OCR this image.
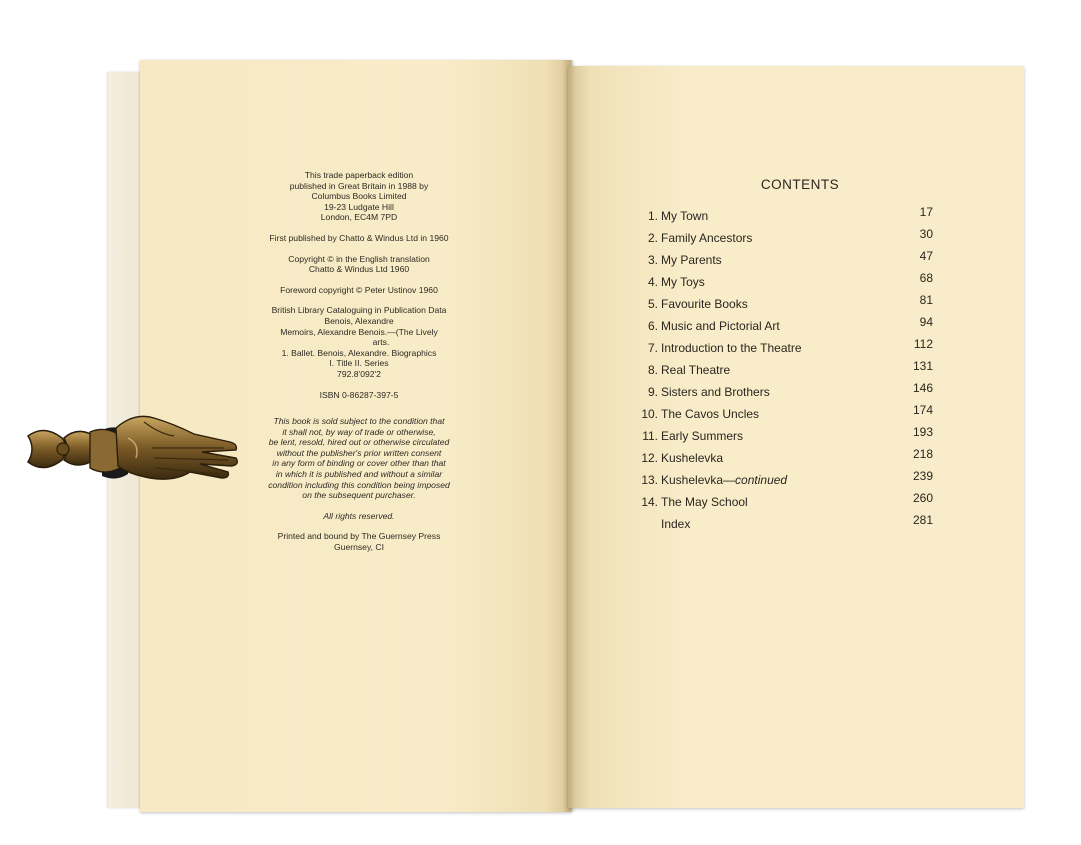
This trade paperback edition
published in Great Britain in 1988 by
Columbus Books Limited
19-23 Ludgate Hill
London, EC4M 7PD
First published by Chatto & Windus Ltd in 1960
Copyright © in the English translation
Chatto & Windus Ltd 1960
Foreword copyright © Peter Ustinov 1960
British Library Cataloguing in Publication Data
Benois, Alexandre
Memoirs, Alexandre Benois.—(The Lively
arts.
1. Ballet. Benois, Alexandre. Biographics
I. Title II. Series
792.8'092'2
ISBN 0-86287-397-5
This book is sold subject to the condition that
it shall not, by way of trade or otherwise,
be lent, resold, hired out or otherwise circulated
without the publisher's prior written consent
in any form of binding or cover other than that
in which it is published and without a similar
condition including this condition being imposed
on the subsequent purchaser.
All rights reserved.
Printed and bound by The Guernsey Press
Guernsey, CI
CONTENTS
1. My Town	17
2. Family Ancestors	30
3. My Parents	47
4. My Toys	68
5. Favourite Books	81
6. Music and Pictorial Art	94
7. Introduction to the Theatre	112
8. Real Theatre	131
9. Sisters and Brothers	146
10. The Cavos Uncles	174
11. Early Summers	193
12. Kushelevka	218
13. Kushelevka—continued	239
14. The May School	260
Index	281
